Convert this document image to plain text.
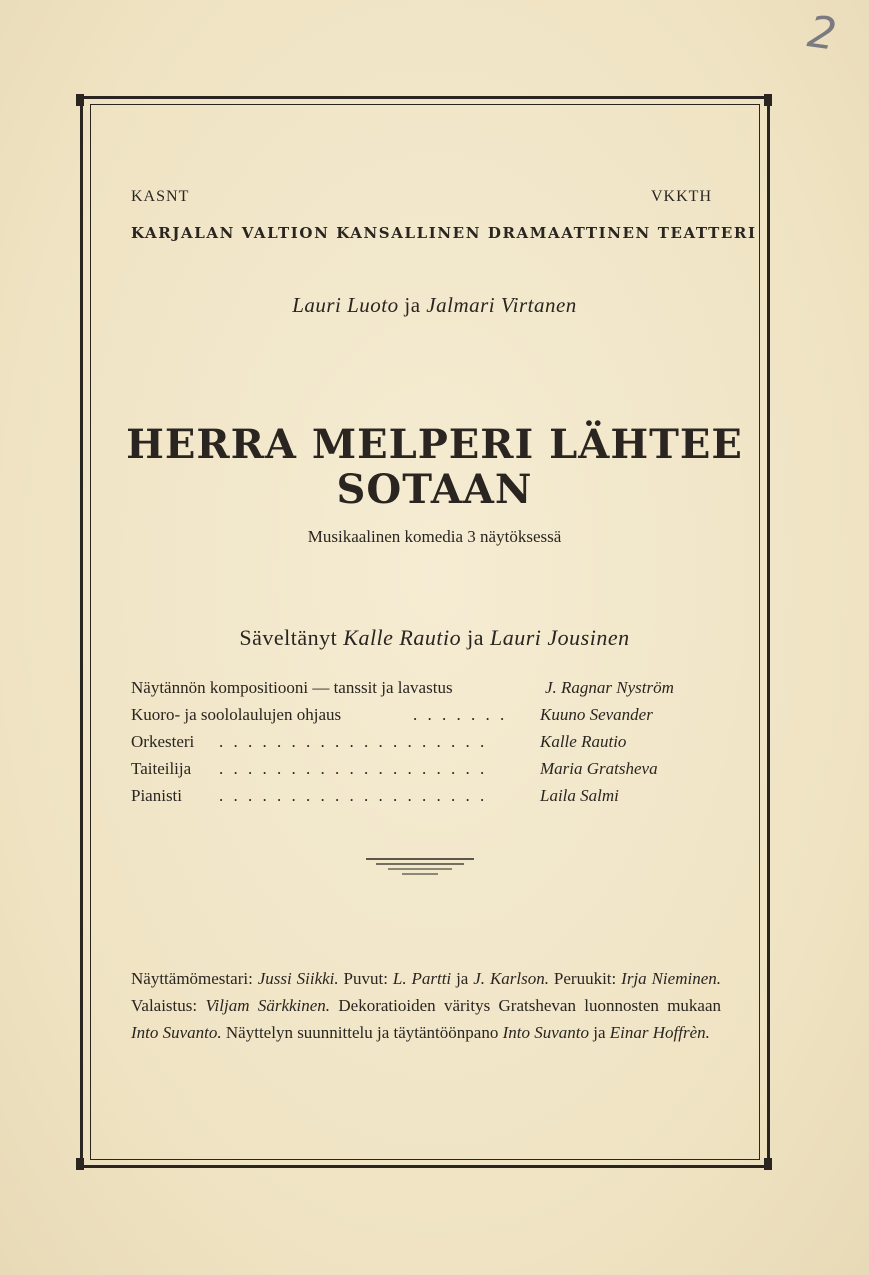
2
KASNT	VKKTH
KARJALAN VALTION KANSALLINEN DRAMAATTINEN TEATTERI
Lauri Luoto ja Jalmari Virtanen
HERRA MELPERI LÄHTEE
SOTAAN
Musikaalinen komedia 3 näytöksessä
Säveltänyt Kalle Rautio ja Lauri Jousinen
Näytännön kompositiooni — tanssit ja lavastus	J. Ragnar Nyström
Kuoro- ja soololaulujen ohjaus	. . . . . . .	Kuuno Sevander
Orkesteri . . . . . . . . . . . . . . . . . . .	Kalle Rautio
Taiteilija . . . . . . . . . . . . . . . . . . .	Maria Gratsheva
Pianisti . . . . . . . . . . . . . . . . . . .	Laila Salmi
Näyttämömestari: Jussi Siikki. Puvut: L. Partti ja J. Karlson. Peruukit: Irja Nieminen. Valaistus: Viljam Särkkinen. Dekoratioiden väritys Gratshevan luonnosten mukaan Into Suvanto. Näyttelyn suunnittelu ja täytäntöönpano Into Suvanto ja Einar Hoffrèn.
